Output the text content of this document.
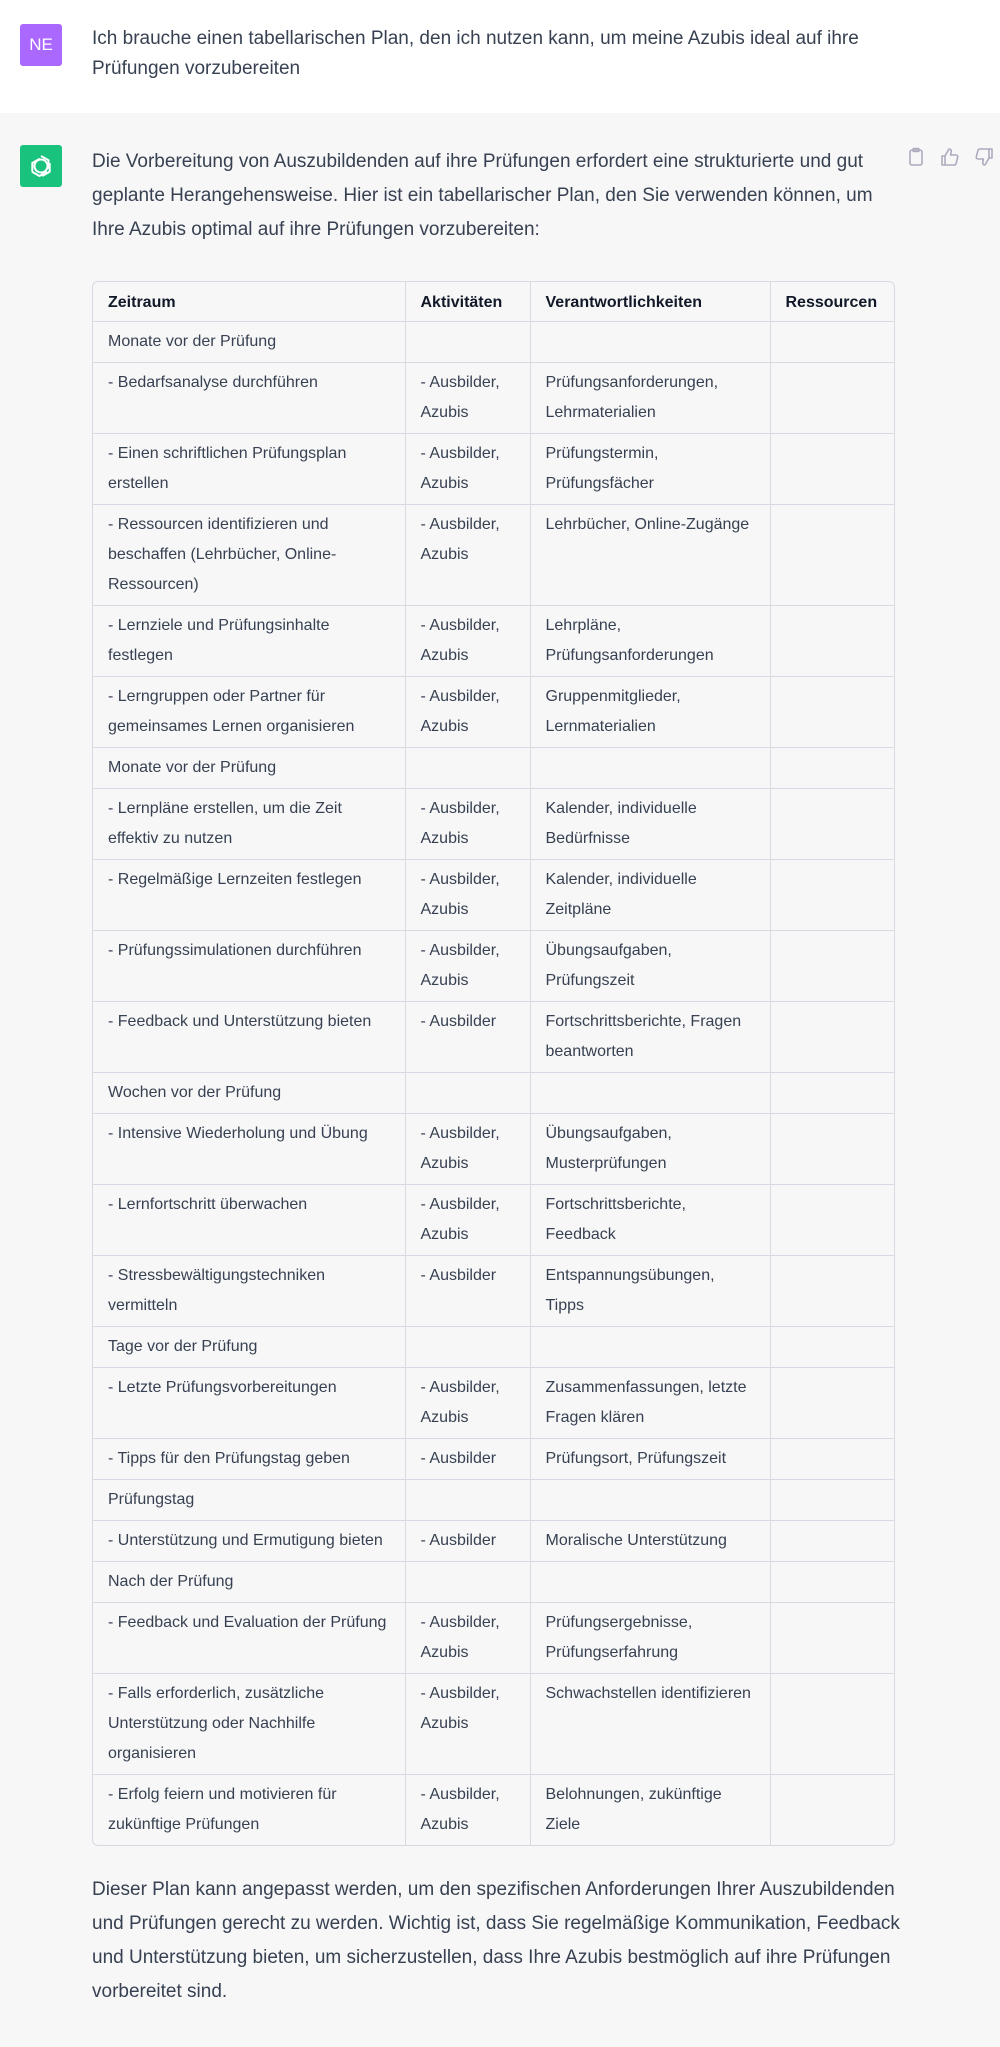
NE	Ich brauche einen tabellarischen Plan, den ich nutzen kann, um meine Azubis ideal auf ihre Prüfungen vorzubereiten
Die Vorbereitung von Auszubildenden auf ihre Prüfungen erfordert eine strukturierte und gut geplante Herangehensweise. Hier ist ein tabellarischer Plan, den Sie verwenden können, um Ihre Azubis optimal auf ihre Prüfungen vorzubereiten:
Zeitraum	Aktivitäten	Verantwortlichkeiten	Ressourcen
Monate vor der Prüfung			
- Bedarfsanalyse durchführen	- Ausbilder, Azubis	Prüfungsanforderungen, Lehrmaterialien	
- Einen schriftlichen Prüfungsplan erstellen	- Ausbilder, Azubis	Prüfungstermin, Prüfungsfächer	
- Ressourcen identifizieren und beschaffen (Lehrbücher, Online-Ressourcen)	- Ausbilder, Azubis	Lehrbücher, Online-Zugänge	
- Lernziele und Prüfungsinhalte festlegen	- Ausbilder, Azubis	Lehrpläne, Prüfungsanforderungen	
- Lerngruppen oder Partner für gemeinsames Lernen organisieren	- Ausbilder, Azubis	Gruppenmitglieder, Lernmaterialien	
Monate vor der Prüfung			
- Lernpläne erstellen, um die Zeit effektiv zu nutzen	- Ausbilder, Azubis	Kalender, individuelle Bedürfnisse	
- Regelmäßige Lernzeiten festlegen	- Ausbilder, Azubis	Kalender, individuelle Zeitpläne	
- Prüfungssimulationen durchführen	- Ausbilder, Azubis	Übungsaufgaben, Prüfungszeit	
- Feedback und Unterstützung bieten	- Ausbilder	Fortschrittsberichte, Fragen beantworten	
Wochen vor der Prüfung			
- Intensive Wiederholung und Übung	- Ausbilder, Azubis	Übungsaufgaben, Musterprüfungen	
- Lernfortschritt überwachen	- Ausbilder, Azubis	Fortschrittsberichte, Feedback	
- Stressbewältigungstechniken vermitteln	- Ausbilder	Entspannungsübungen, Tipps	
Tage vor der Prüfung			
- Letzte Prüfungsvorbereitungen	- Ausbilder, Azubis	Zusammenfassungen, letzte Fragen klären	
- Tipps für den Prüfungstag geben	- Ausbilder	Prüfungsort, Prüfungszeit	
Prüfungstag			
- Unterstützung und Ermutigung bieten	- Ausbilder	Moralische Unterstützung	
Nach der Prüfung			
- Feedback und Evaluation der Prüfung	- Ausbilder, Azubis	Prüfungsergebnisse, Prüfungserfahrung	
- Falls erforderlich, zusätzliche Unterstützung oder Nachhilfe organisieren	- Ausbilder, Azubis	Schwachstellen identifizieren	
- Erfolg feiern und motivieren für zukünftige Prüfungen	- Ausbilder, Azubis	Belohnungen, zukünftige Ziele	
Dieser Plan kann angepasst werden, um den spezifischen Anforderungen Ihrer Auszubildenden und Prüfungen gerecht zu werden. Wichtig ist, dass Sie regelmäßige Kommunikation, Feedback und Unterstützung bieten, um sicherzustellen, dass Ihre Azubis bestmöglich auf ihre Prüfungen vorbereitet sind.
